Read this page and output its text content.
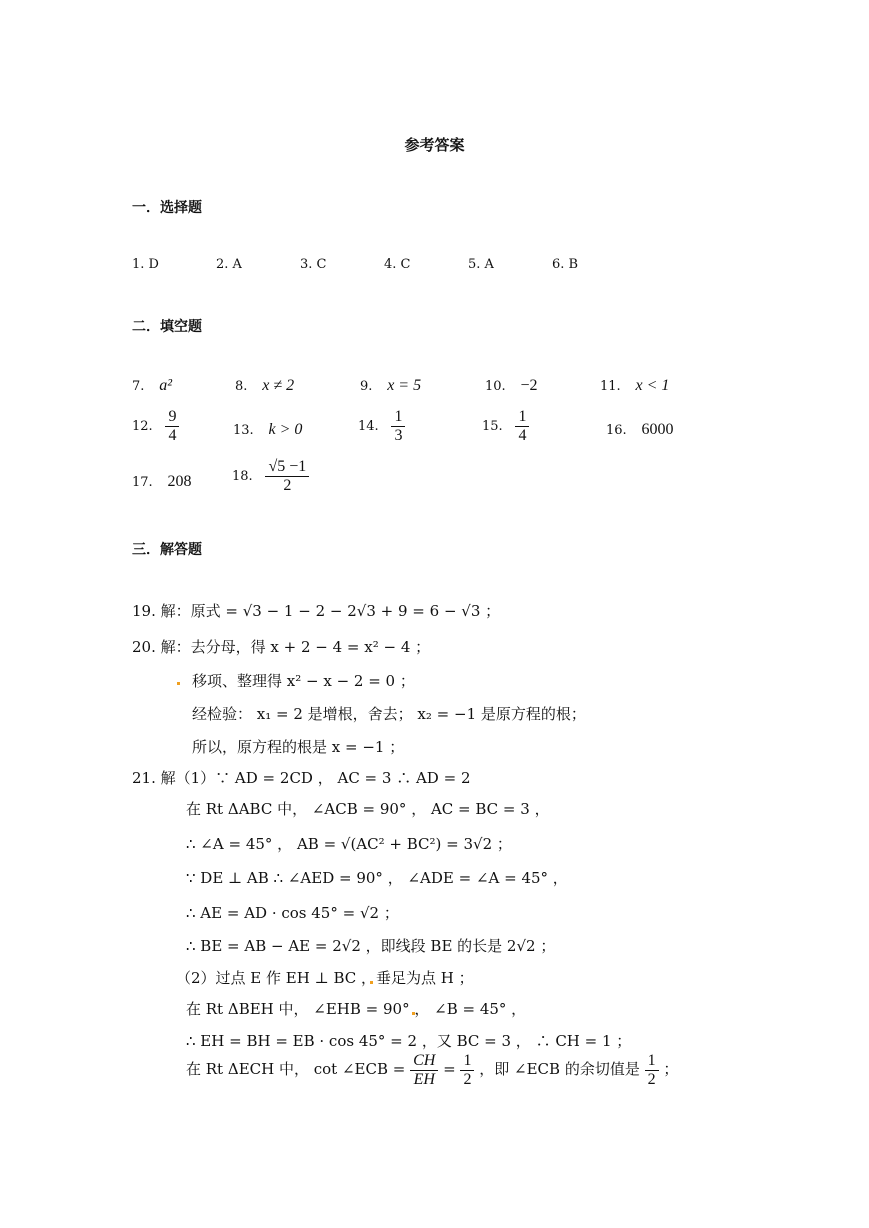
参考答案
一．选择题
二．填空题
三．解答题
1. D	2. A	3. C	4. C	5. A	6. B
7. a²	8. x ≠ 2	9. x = 5	10. −2	11. x < 1
12. $\frac{9}{4}$	13. k > 0	14. $\frac{1}{3}$	15. $\frac{1}{4}$	16. 6000
17. 208	18. $\frac{√5 -1}{2}$
19. 解：原式 = √3 − 1 − 2 − 2√3 + 9 = 6 − √3 ；
20. 解：去分母，得 x + 2 − 4 = x² − 4 ；
移项、整理得 x² − x − 2 = 0 ；
经检验： x₁ = 2 是增根，舍去； x₂ = −1 是原方程的根；
所以，原方程的根是 x = −1 ；
21. 解（1）∵ AD = 2CD ， AC = 3 ∴ AD = 2
在 Rt ΔABC 中， ∠ACB = 90° ， AC = BC = 3 ，
∴ ∠A = 45° ， AB = √(AC² + BC²) = 3√2 ；
∵ DE ⊥ AB ∴ ∠AED = 90° ， ∠ADE = ∠A = 45° ，
∴ AE = AD · cos 45° = √2 ；
∴ BE = AB − AE = 2√2 ，即线段 BE 的长是 2√2 ；
（2）过点 E 作 EH ⊥ BC ，垂足为点 H ；
在 Rt ΔBEH 中， ∠EHB = 90° ， ∠B = 45° ，
∴ EH = BH = EB · cos 45° = 2 ，又 BC = 3 ， ∴ CH = 1 ；
在 Rt ΔECH 中， cot ∠ECB = $\frac{CH}{EH} = \frac{1}{2}$ ，即 ∠ECB 的余切值是 $\frac{1}{2}$ ；
